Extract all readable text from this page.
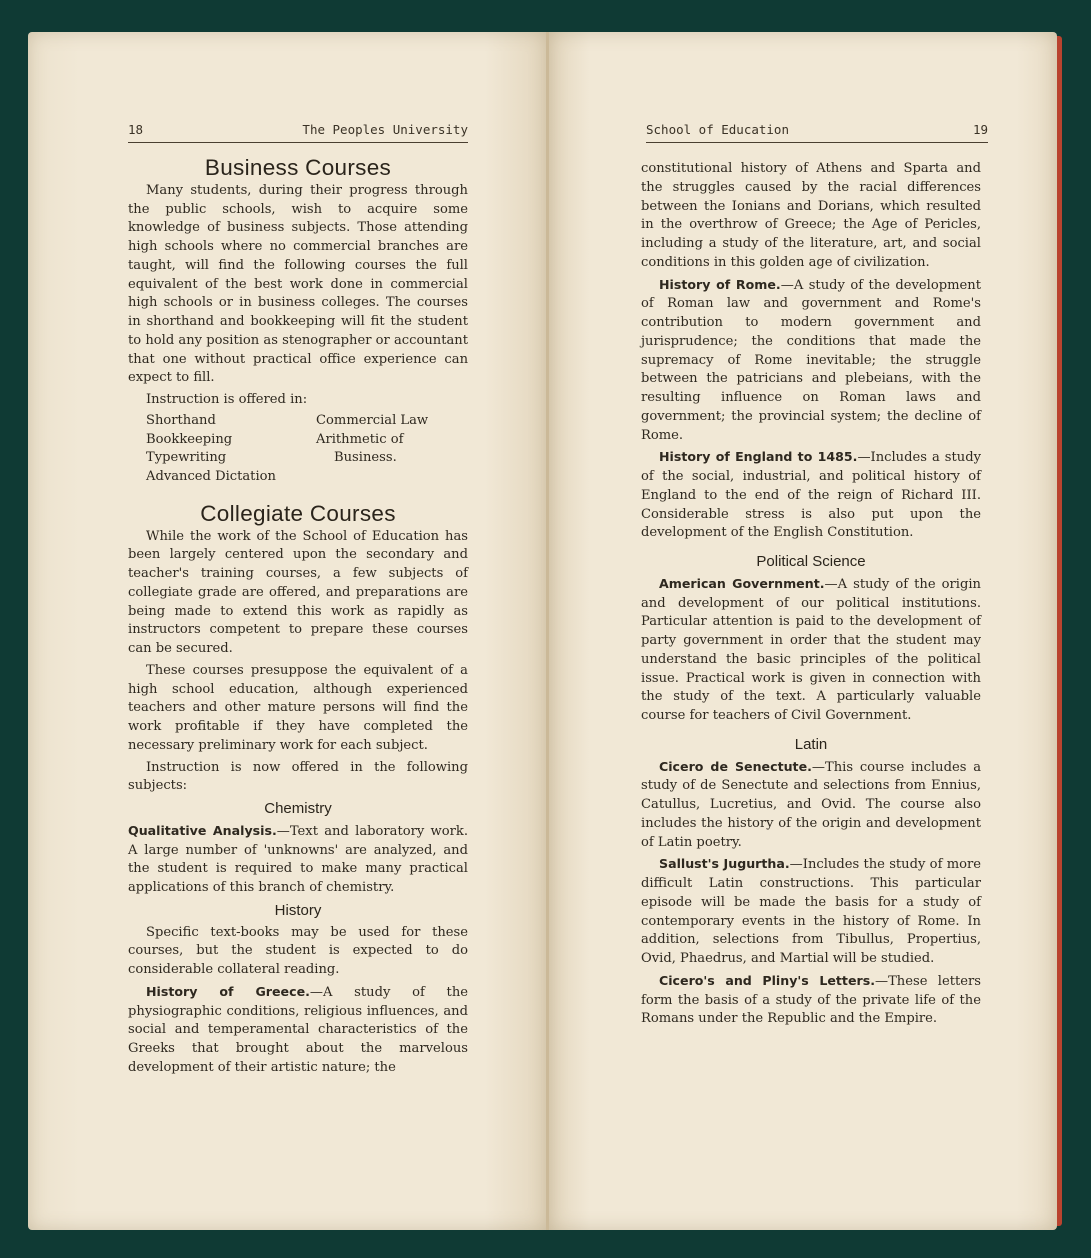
18	The Peoples University
Business Courses

Many students, during their progress through the public schools, wish to acquire some knowledge of business subjects. Those attending high schools where no commercial branches are taught, will find the following courses the full equivalent of the best work done in commercial high schools or in business colleges. The courses in shorthand and bookkeeping will fit the student to hold any position as stenographer or accountant that one without practical office experience can expect to fill.

Instruction is offered in:

Shorthand
Bookkeeping
Typewriting
Advanced Dictation
Commercial Law
Arithmetic of
Business.
Collegiate Courses

While the work of the School of Education has been largely centered upon the secondary and teacher's training courses, a few subjects of collegiate grade are offered, and preparations are being made to extend this work as rapidly as instructors competent to prepare these courses can be secured.

These courses presuppose the equivalent of a high school education, although experienced teachers and other mature persons will find the work profitable if they have completed the necessary preliminary work for each subject.

Instruction is now offered in the following subjects:

Chemistry

Qualitative Analysis.—Text and laboratory work. A large number of 'unknowns' are analyzed, and the student is required to make many practical applications of this branch of chemistry.

History

Specific text-books may be used for these courses, but the student is expected to do considerable collateral reading.

History of Greece.—A study of the physiographic conditions, religious influences, and social and temperamental characteristics of the Greeks that brought about the marvelous development of their artistic nature; the

School of Education	19

constitutional history of Athens and Sparta and the struggles caused by the racial differences between the Ionians and Dorians, which resulted in the overthrow of Greece; the Age of Pericles, including a study of the literature, art, and social conditions in this golden age of civilization.

History of Rome.—A study of the development of Roman law and government and Rome's contribution to modern government and jurisprudence; the conditions that made the supremacy of Rome inevitable; the struggle between the patricians and plebeians, with the resulting influence on Roman laws and government; the provincial system; the decline of Rome.

History of England to 1485.—Includes a study of the social, industrial, and political history of England to the end of the reign of Richard III. Considerable stress is also put upon the development of the English Constitution.

Political Science

American Government.—A study of the origin and development of our political institutions. Particular attention is paid to the development of party government in order that the student may understand the basic principles of the political issue. Practical work is given in connection with the study of the text. A particularly valuable course for teachers of Civil Government.

Latin

Cicero de Senectute.—This course includes a study of de Senectute and selections from Ennius, Catullus, Lucretius, and Ovid. The course also includes the history of the origin and development of Latin poetry.

Sallust's Jugurtha.—Includes the study of more difficult Latin constructions. This particular episode will be made the basis for a study of contemporary events in the history of Rome. In addition, selections from Tibullus, Propertius, Ovid, Phaedrus, and Martial will be studied.

Cicero's and Pliny's Letters.—These letters form the basis of a study of the private life of the Romans under the Republic and the Empire.
